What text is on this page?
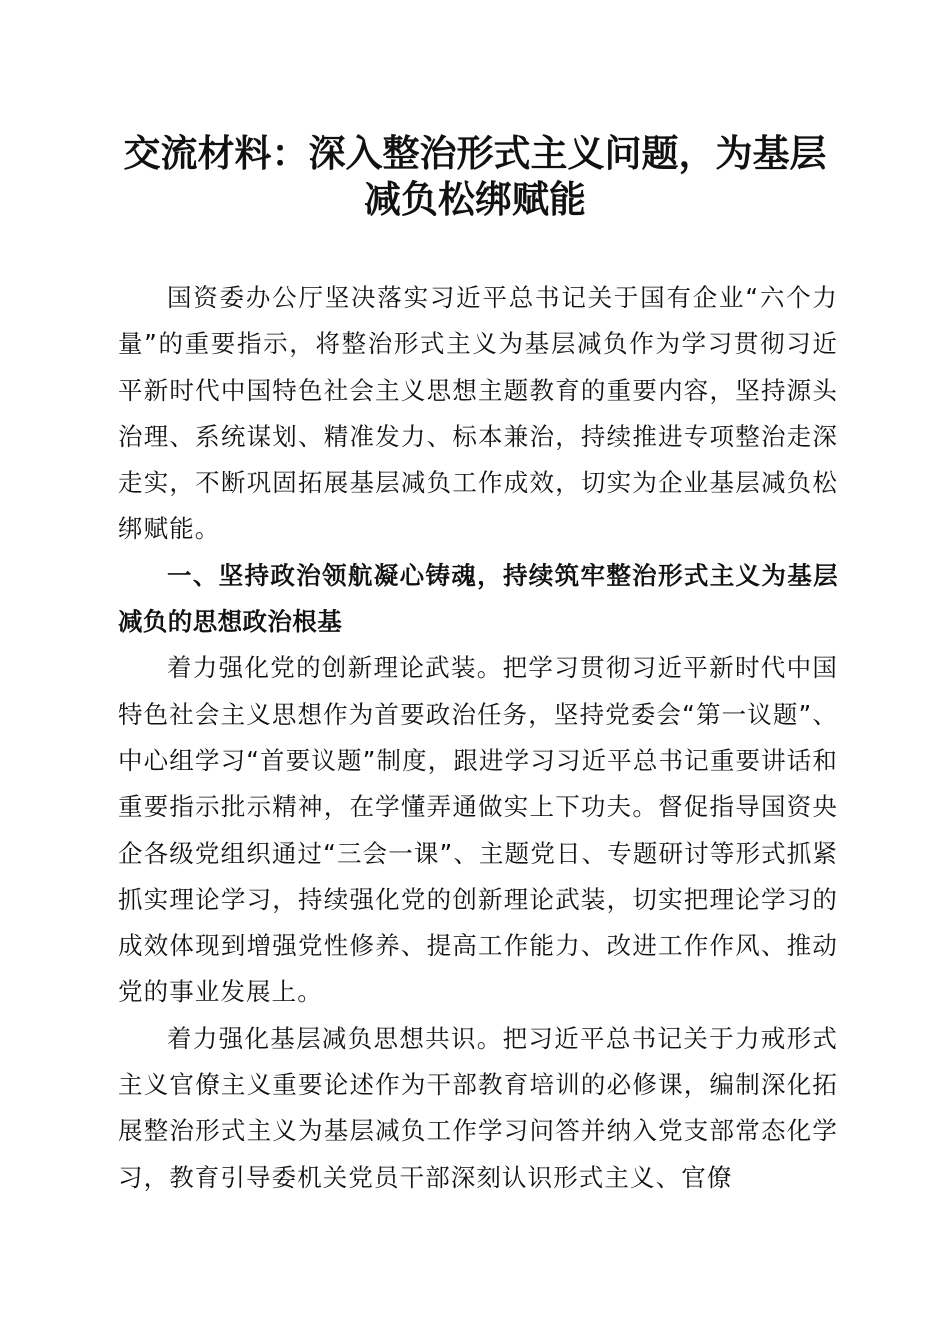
交流材料：深入整治形式主义问题，为基层减负松绑赋能

国资委办公厅坚决落实习近平总书记关于国有企业“六个力量”的重要指示，将整治形式主义为基层减负作为学习贯彻习近平新时代中国特色社会主义思想主题教育的重要内容，坚持源头治理、系统谋划、精准发力、标本兼治，持续推进专项整治走深走实，不断巩固拓展基层减负工作成效，切实为企业基层减负松绑赋能。

一、坚持政治领航凝心铸魂，持续筑牢整治形式主义为基层减负的思想政治根基

着力强化党的创新理论武装。把学习贯彻习近平新时代中国特色社会主义思想作为首要政治任务，坚持党委会“第一议题”、中心组学习“首要议题”制度，跟进学习习近平总书记重要讲话和重要指示批示精神，在学懂弄通做实上下功夫。督促指导国资央企各级党组织通过“三会一课”、主题党日、专题研讨等形式抓紧抓实理论学习，持续强化党的创新理论武装，切实把理论学习的成效体现到增强党性修养、提高工作能力、改进工作作风、推动党的事业发展上。

着力强化基层减负思想共识。把习近平总书记关于力戒形式主义官僚主义重要论述作为干部教育培训的必修课，编制深化拓展整治形式主义为基层减负工作学习问答并纳入党支部常态化学习，教育引导委机关党员干部深刻认识形式主义、官僚
